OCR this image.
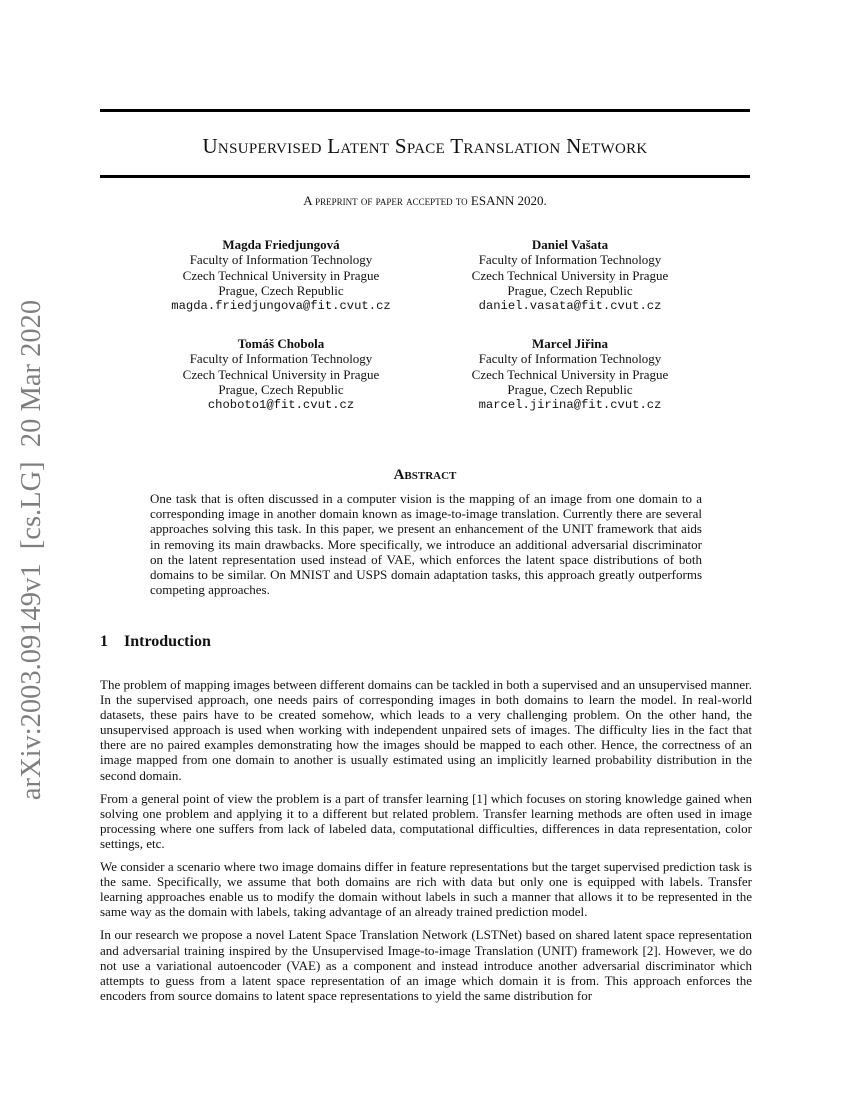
Unsupervised Latent Space Translation Network
A preprint of paper accepted to ESANN 2020.
Magda Friedjungová
Faculty of Information Technology
Czech Technical University in Prague
Prague, Czech Republic
magda.friedjungova@fit.cvut.cz
Daniel Vašata
Faculty of Information Technology
Czech Technical University in Prague
Prague, Czech Republic
daniel.vasata@fit.cvut.cz
Tomáš Chobola
Faculty of Information Technology
Czech Technical University in Prague
Prague, Czech Republic
choboto1@fit.cvut.cz
Marcel Jiřina
Faculty of Information Technology
Czech Technical University in Prague
Prague, Czech Republic
marcel.jirina@fit.cvut.cz
arXiv:2003.09149v1  [cs.LG]  20 Mar 2020	Abstract
One task that is often discussed in a computer vision is the mapping of an image from one domain to a corresponding image in another domain known as image-to-image translation. Currently there are several approaches solving this task. In this paper, we present an enhancement of the UNIT framework that aids in removing its main drawbacks. More specifically, we introduce an additional adversarial discriminator on the latent representation used instead of VAE, which enforces the latent space distributions of both domains to be similar. On MNIST and USPS domain adaptation tasks, this approach greatly outperforms competing approaches.
1 Introduction

The problem of mapping images between different domains can be tackled in both a supervised and an unsupervised manner. In the supervised approach, one needs pairs of corresponding images in both domains to learn the model. In real-world datasets, these pairs have to be created somehow, which leads to a very challenging problem. On the other hand, the unsupervised approach is used when working with independent unpaired sets of images. The difficulty lies in the fact that there are no paired examples demonstrating how the images should be mapped to each other. Hence, the correctness of an image mapped from one domain to another is usually estimated using an implicitly learned probability distribution in the second domain.

From a general point of view the problem is a part of transfer learning [1] which focuses on storing knowledge gained when solving one problem and applying it to a different but related problem. Transfer learning methods are often used in image processing where one suffers from lack of labeled data, computational difficulties, differences in data representation, color settings, etc.

We consider a scenario where two image domains differ in feature representations but the target supervised prediction task is the same. Specifically, we assume that both domains are rich with data but only one is equipped with labels. Transfer learning approaches enable us to modify the domain without labels in such a manner that allows it to be represented in the same way as the domain with labels, taking advantage of an already trained prediction model.

In our research we propose a novel Latent Space Translation Network (LSTNet) based on shared latent space representation and adversarial training inspired by the Unsupervised Image-to-image Translation (UNIT) framework [2]. However, we do not use a variational autoencoder (VAE) as a component and instead introduce another adversarial discriminator which attempts to guess from a latent space representation of an image which domain it is from. This approach enforces the encoders from source domains to latent space representations to yield the same distribution for
